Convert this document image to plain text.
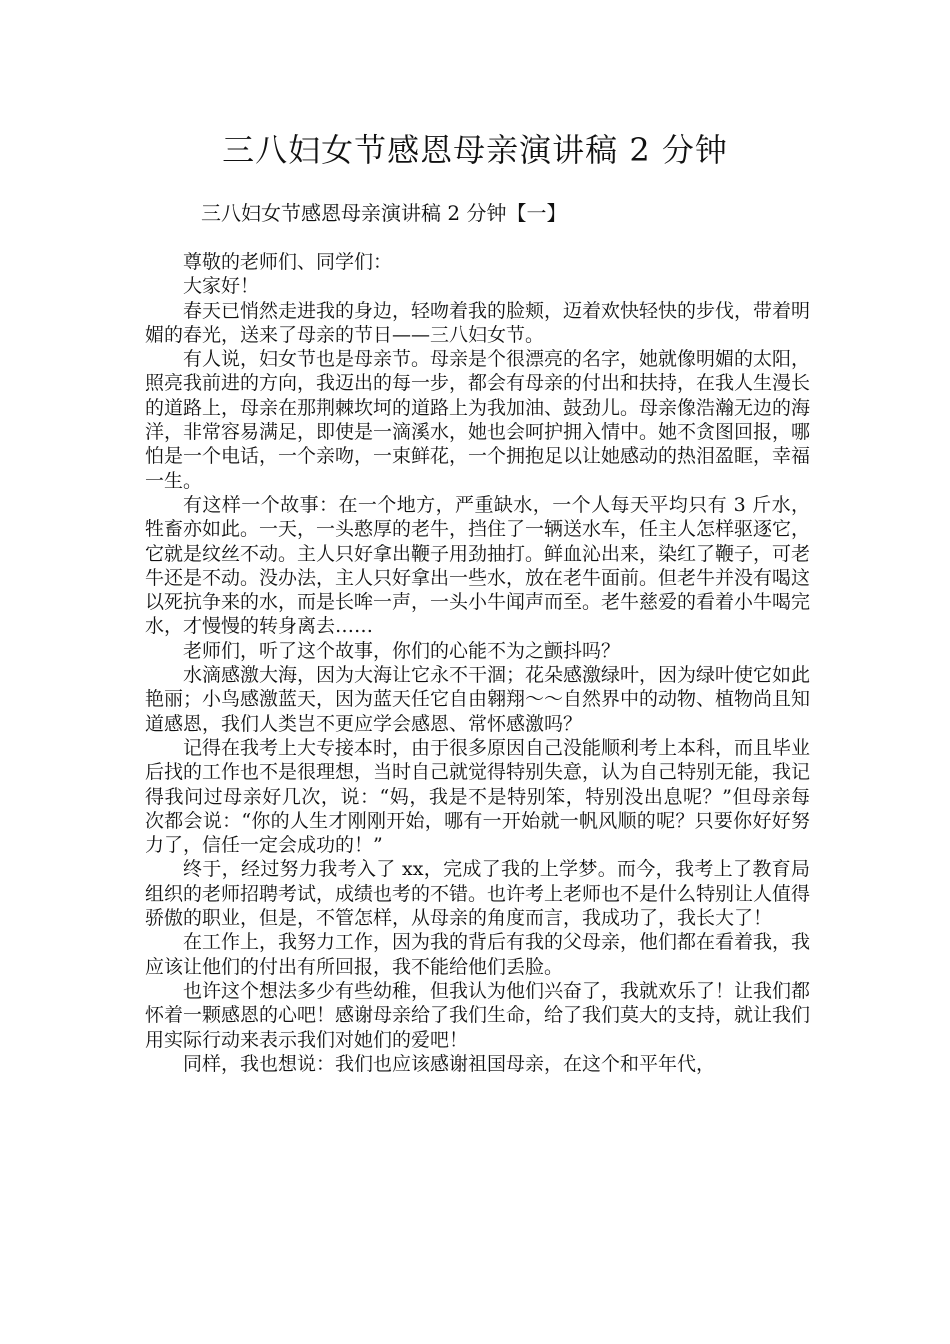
三八妇女节感恩母亲演讲稿 2 分钟
三八妇女节感恩母亲演讲稿 2 分钟【一】

尊敬的老师们、同学们：

大家好！

春天已悄然走进我的身边，轻吻着我的脸颊，迈着欢快轻快的步伐，带着明媚的春光，送来了母亲的节日——三八妇女节。

有人说，妇女节也是母亲节。母亲是个很漂亮的名字，她就像明媚的太阳，照亮我前进的方向，我迈出的每一步，都会有母亲的付出和扶持，在我人生漫长的道路上，母亲在那荆棘坎坷的道路上为我加油、鼓劲儿。母亲像浩瀚无边的海洋，非常容易满足，即使是一滴溪水，她也会呵护拥入情中。她不贪图回报，哪怕是一个电话，一个亲吻，一束鲜花，一个拥抱足以让她感动的热泪盈眶，幸福一生。

有这样一个故事：在一个地方，严重缺水，一个人每天平均只有 3 斤水，牲畜亦如此。一天，一头憨厚的老牛，挡住了一辆送水车，任主人怎样驱逐它，它就是纹丝不动。主人只好拿出鞭子用劲抽打。鲜血沁出来，染红了鞭子，可老牛还是不动。没办法，主人只好拿出一些水，放在老牛面前。但老牛并没有喝这以死抗争来的水，而是长哞一声，一头小牛闻声而至。老牛慈爱的看着小牛喝完水，才慢慢的转身离去……

老师们，听了这个故事，你们的心能不为之颤抖吗？

水滴感激大海，因为大海让它永不干涸；花朵感激绿叶，因为绿叶使它如此艳丽；小鸟感激蓝天，因为蓝天任它自由翱翔～～自然界中的动物、植物尚且知道感恩，我们人类岂不更应学会感恩、常怀感激吗？

记得在我考上大专接本时，由于很多原因自己没能顺利考上本科，而且毕业后找的工作也不是很理想，当时自己就觉得特别失意，认为自己特别无能，我记得我问过母亲好几次，说：“妈，我是不是特别笨，特别没出息呢？”但母亲每次都会说：“你的人生才刚刚开始，哪有一开始就一帆风顺的呢？只要你好好努力了，信任一定会成功的！”

终于，经过努力我考入了 xx，完成了我的上学梦。而今，我考上了教育局组织的老师招聘考试，成绩也考的不错。也许考上老师也不是什么特别让人值得骄傲的职业，但是，不管怎样，从母亲的角度而言，我成功了，我长大了！

在工作上，我努力工作，因为我的背后有我的父母亲，他们都在看着我，我应该让他们的付出有所回报，我不能给他们丢脸。

也许这个想法多少有些幼稚，但我认为他们兴奋了，我就欢乐了！让我们都怀着一颗感恩的心吧！感谢母亲给了我们生命，给了我们莫大的支持，就让我们用实际行动来表示我们对她们的爱吧！

同样，我也想说：我们也应该感谢祖国母亲，在这个和平年代，
